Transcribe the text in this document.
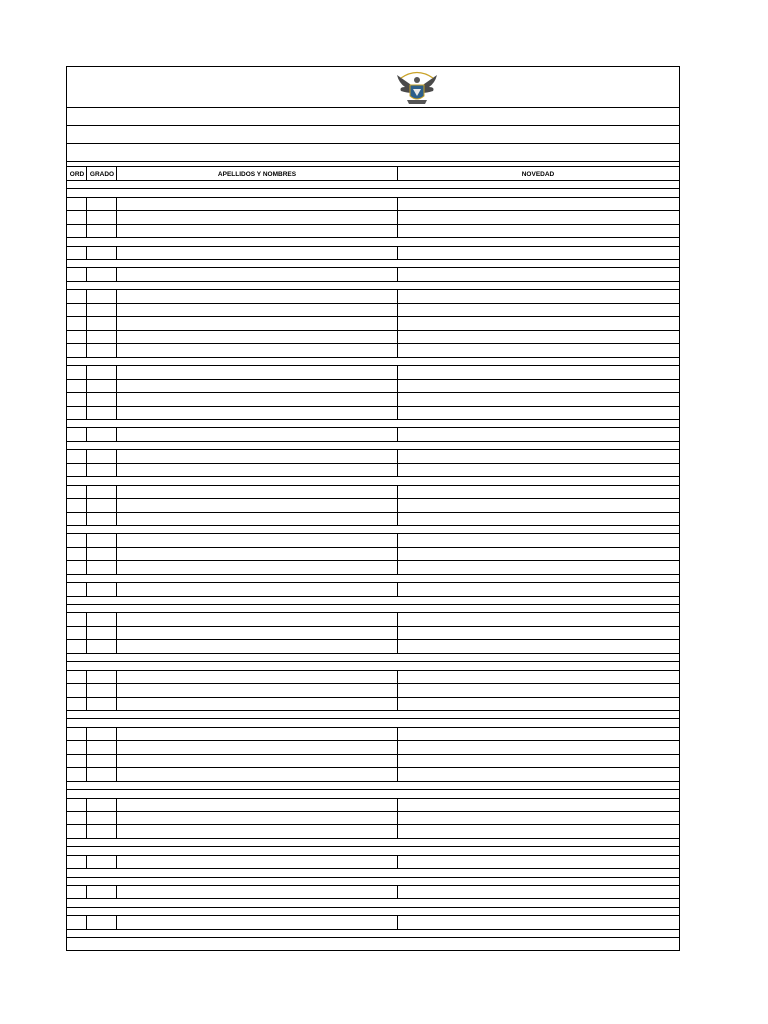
ORD GRADO	APELLIDOS Y NOMBRES	NOVEDAD
